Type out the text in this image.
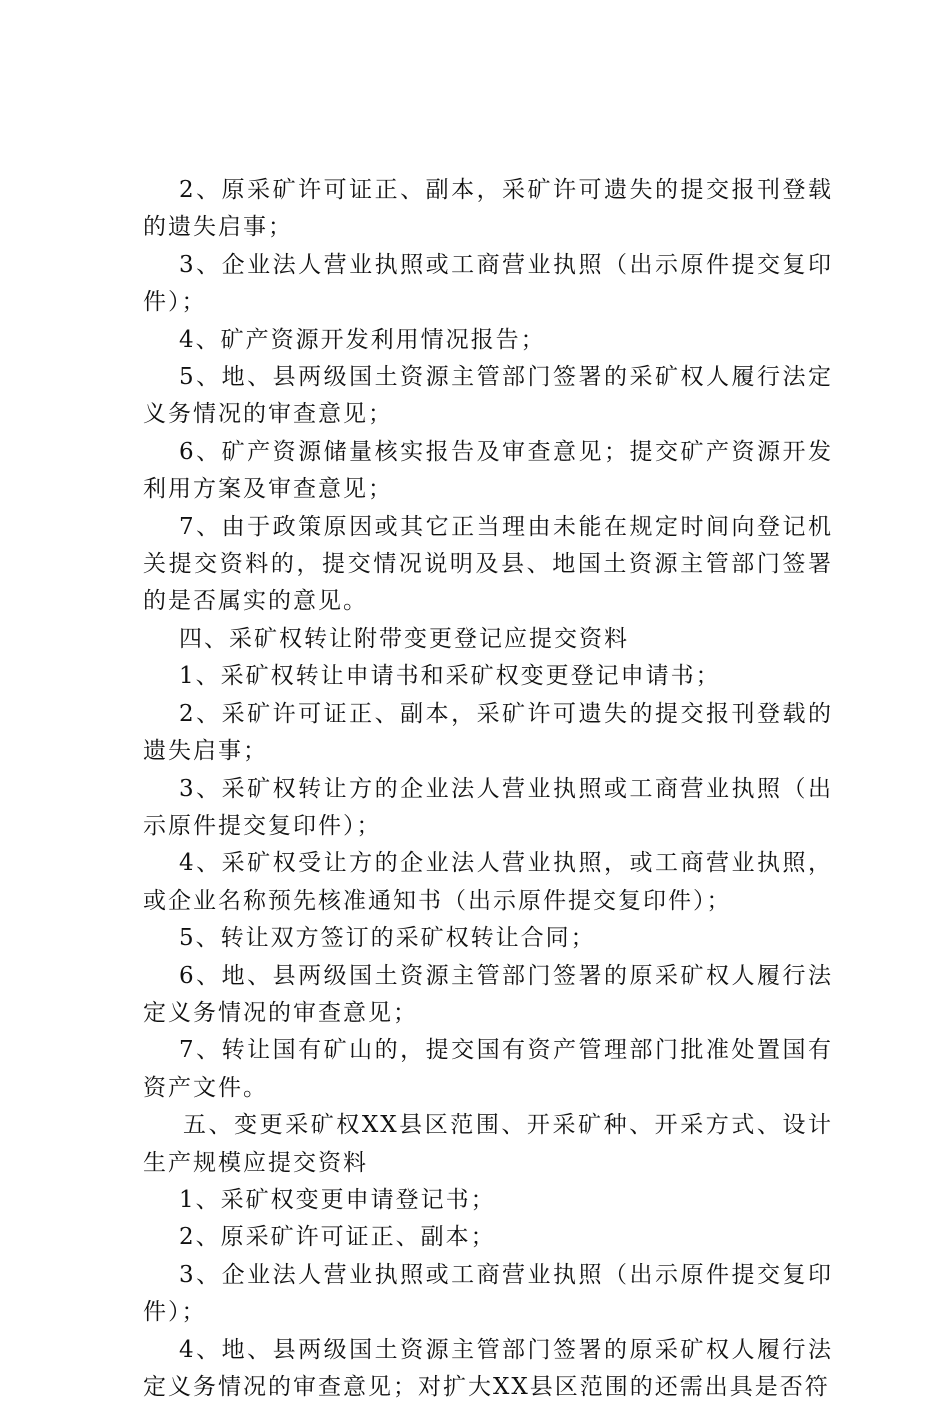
2、原采矿许可证正、副本，采矿许可遗失的提交报刊登载的遗失启事；

3、企业法人营业执照或工商营业执照（出示原件提交复印件）；

4、矿产资源开发利用情况报告；

5、地、县两级国土资源主管部门签署的采矿权人履行法定义务情况的审查意见；

6、矿产资源储量核实报告及审查意见；提交矿产资源开发利用方案及审查意见；

7、由于政策原因或其它正当理由未能在规定时间向登记机关提交资料的，提交情况说明及县、地国土资源主管部门签署的是否属实的意见。

四、采矿权转让附带变更登记应提交资料

1、采矿权转让申请书和采矿权变更登记申请书；

2、采矿许可证正、副本，采矿许可遗失的提交报刊登载的遗失启事；

3、采矿权转让方的企业法人营业执照或工商营业执照（出示原件提交复印件）；

4、采矿权受让方的企业法人营业执照，或工商营业执照，或企业名称预先核准通知书（出示原件提交复印件）；

5、转让双方签订的采矿权转让合同；

6、地、县两级国土资源主管部门签署的原采矿权人履行法定义务情况的审查意见；

7、转让国有矿山的，提交国有资产管理部门批准处置国有资产文件。

五、变更采矿权XX县区范围、开采矿种、开采方式、设计生产规模应提交资料

1、采矿权变更申请登记书；

2、原采矿许可证正、副本；

3、企业法人营业执照或工商营业执照（出示原件提交复印件）；

4、地、县两级国土资源主管部门签署的原采矿权人履行法定义务情况的审查意见；对扩大XX县区范围的还需出具是否符
